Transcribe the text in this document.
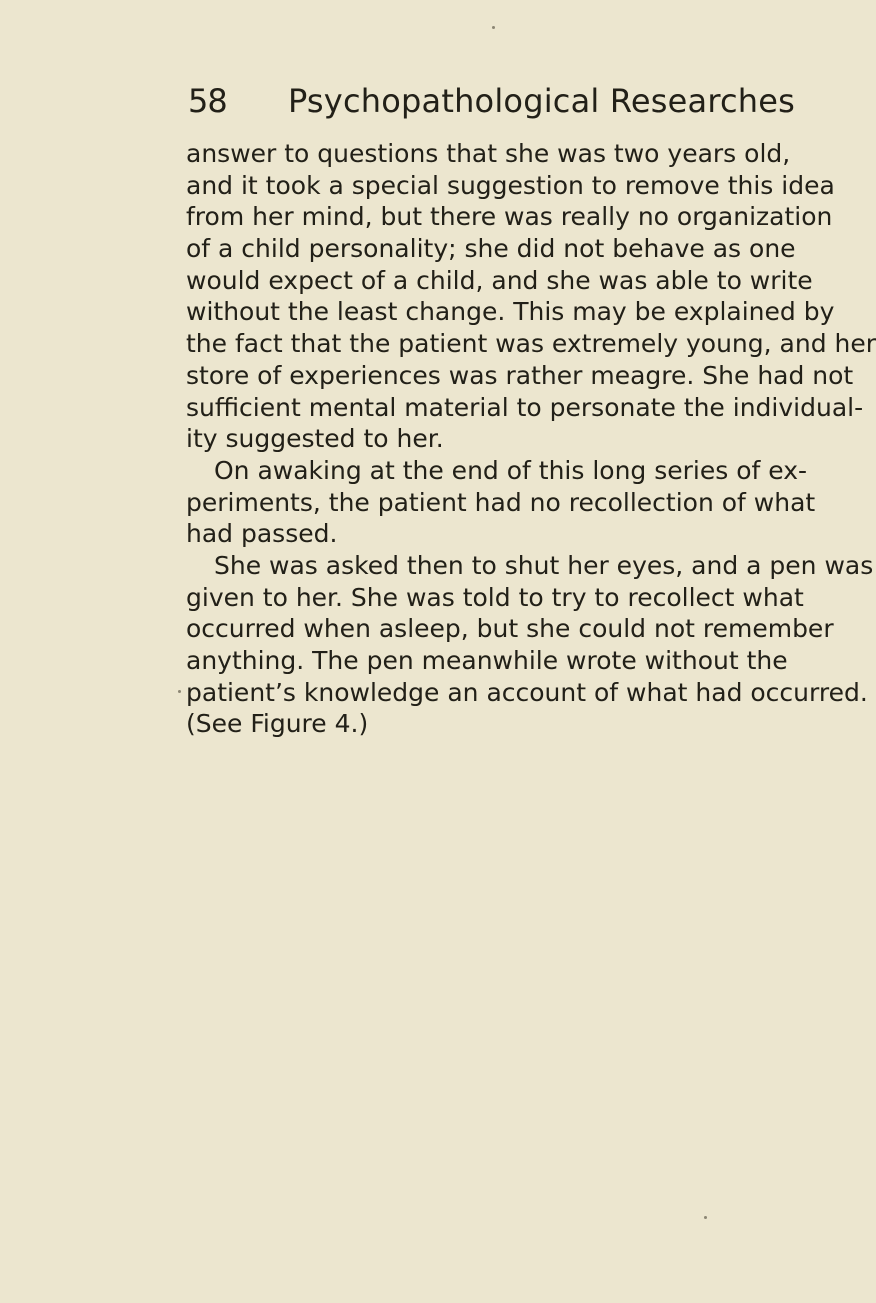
58 Psychopathological Researches
answer to questions that she was two years old,
and it took a special suggestion to remove this idea
from her mind, but there was really no organization
of a child personality; she did not behave as one
would expect of a child, and she was able to write
without the least change. This may be explained by
the fact that the patient was extremely young, and her
store of experiences was rather meagre. She had not
sufficient mental material to personate the individual-
ity suggested to her.
On awaking at the end of this long series of ex-
periments, the patient had no recollection of what
had passed.
She was asked then to shut her eyes, and a pen was
given to her. She was told to try to recollect what
occurred when asleep, but she could not remember
anything. The pen meanwhile wrote without the
patient’s knowledge an account of what had occurred.
(See Figure 4.)
